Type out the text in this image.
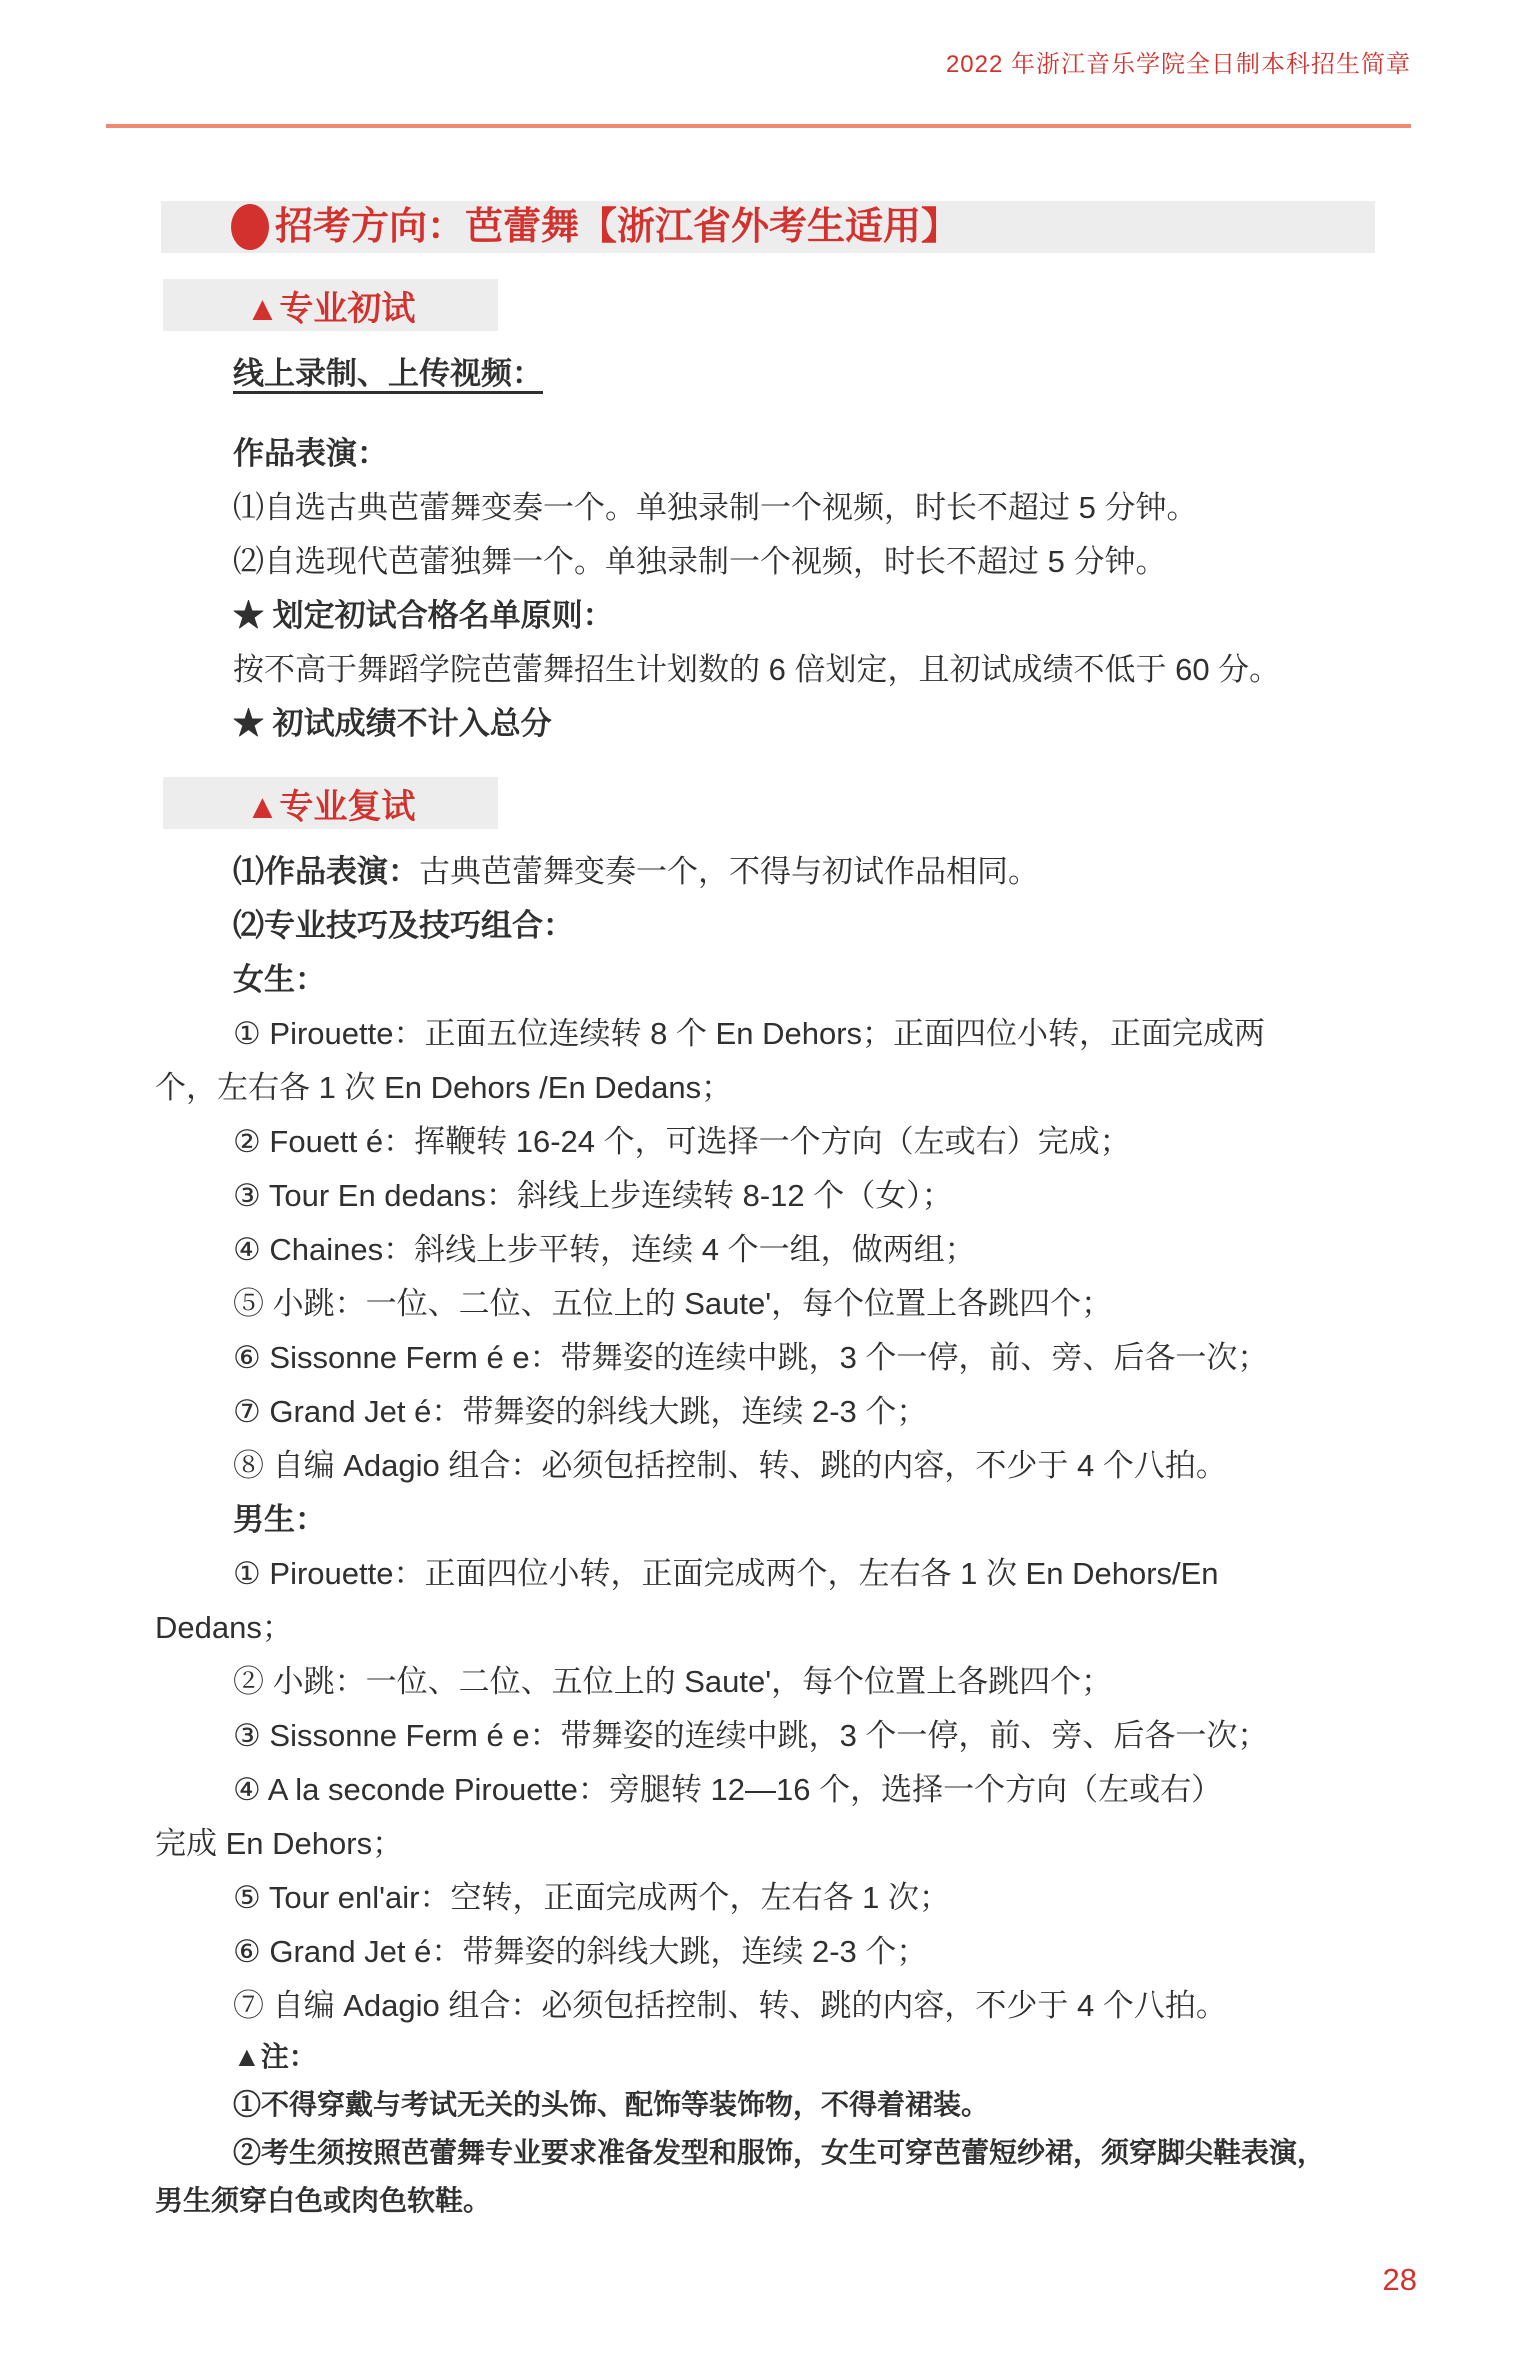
2022 年浙江音乐学院全日制本科招生简章
招考方向：芭蕾舞【浙江省外考生适用】
▲专业初试
线上录制、上传视频：
作品表演：
⑴自选古典芭蕾舞变奏一个。单独录制一个视频，时长不超过 5 分钟。
⑵自选现代芭蕾独舞一个。单独录制一个视频，时长不超过 5 分钟。
★ 划定初试合格名单原则：
按不高于舞蹈学院芭蕾舞招生计划数的 6 倍划定，且初试成绩不低于 60 分。
★ 初试成绩不计入总分
▲专业复试
⑴作品表演：古典芭蕾舞变奏一个，不得与初试作品相同。
⑵专业技巧及技巧组合：
女生：
① Pirouette：正面五位连续转 8 个 En Dehors；正面四位小转，正面完成两
个，左右各 1 次 En Dehors /En Dedans；
② Fouett é：挥鞭转 16-24 个，可选择一个方向（左或右）完成；
③ Tour En dedans：斜线上步连续转 8-12 个（女）；
④ Chaines：斜线上步平转，连续 4 个一组，做两组；
⑤ 小跳：一位、二位、五位上的 Saute'，每个位置上各跳四个；
⑥ Sissonne Ferm é e：带舞姿的连续中跳，3 个一停，前、旁、后各一次；
⑦ Grand Jet é：带舞姿的斜线大跳，连续 2-3 个；
⑧ 自编 Adagio 组合：必须包括控制、转、跳的内容，不少于 4 个八拍。
男生：
① Pirouette：正面四位小转，正面完成两个，左右各 1 次 En Dehors/En
Dedans；
② 小跳：一位、二位、五位上的 Saute'，每个位置上各跳四个；
③ Sissonne Ferm é e：带舞姿的连续中跳，3 个一停，前、旁、后各一次；
④ A la seconde Pirouette：旁腿转 12—16 个，选择一个方向（左或右）
完成 En Dehors；
⑤ Tour enl'air：空转，正面完成两个，左右各 1 次；
⑥ Grand Jet é：带舞姿的斜线大跳，连续 2-3 个；
⑦ 自编 Adagio 组合：必须包括控制、转、跳的内容，不少于 4 个八拍。
▲注：
①不得穿戴与考试无关的头饰、配饰等装饰物，不得着裙装。
②考生须按照芭蕾舞专业要求准备发型和服饰，女生可穿芭蕾短纱裙，须穿脚尖鞋表演，
男生须穿白色或肉色软鞋。
28
